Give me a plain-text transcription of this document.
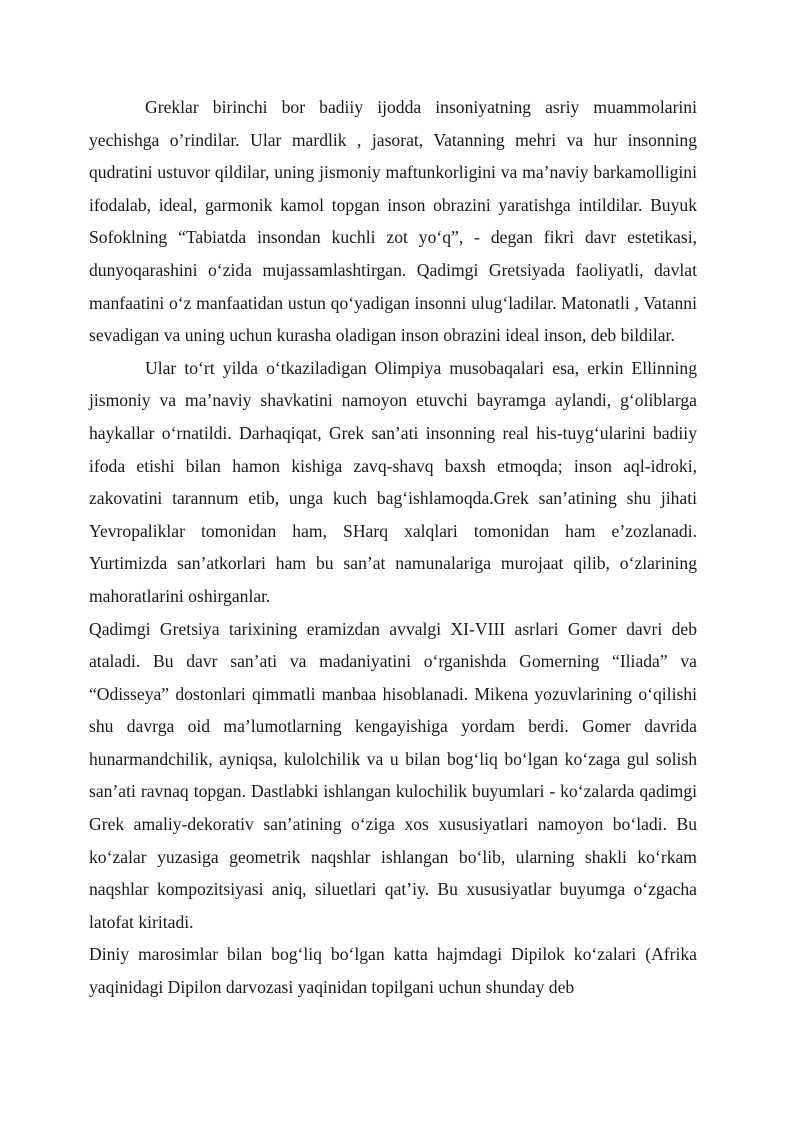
Greklar birinchi bor badiiy ijodda insoniyatning asriy muammolarini yechishga o’rindilar. Ular mardlik , jasorat, Vatanning mehri va hur insonning qudratini ustuvor qildilar, uning jismoniy maftunkorligini va ma’naviy barkamolligini ifodalab, ideal, garmonik kamol topgan inson obrazini yaratishga intildilar. Buyuk Sofoklning “Tabiatda insondan kuchli zot yo‘q”, - degan fikri davr estetikasi, dunyoqarashini o‘zida mujassamlashtirgan. Qadimgi Gretsiyada faoliyatli, davlat manfaatini o‘z manfaatidan ustun qo‘yadigan insonni ulug‘ladilar. Matonatli , Vatanni sevadigan va uning uchun kurasha oladigan inson obrazini ideal inson, deb bildilar.

Ular to‘rt yilda o‘tkaziladigan Olimpiya musobaqalari esa, erkin Ellinning jismoniy va ma’naviy shavkatini namoyon etuvchi bayramga aylandi, g‘oliblarga haykallar o‘rnatildi. Darhaqiqat, Grek san’ati insonning real his-tuyg‘ularini badiiy ifoda etishi bilan hamon kishiga zavq-shavq baxsh etmoqda; inson aql-idroki, zakovatini tarannum etib, unga kuch bag‘ishlamoqda.Grek san’atining shu jihati Yevropaliklar tomonidan ham, SHarq xalqlari tomonidan ham e’zozlanadi. Yurtimizda san’atkorlari ham bu san’at namunalariga murojaat qilib, o‘zlarining mahoratlarini oshirganlar.

Qadimgi Gretsiya tarixining eramizdan avvalgi XI-VIII asrlari Gomer davri deb ataladi. Bu davr san’ati va madaniyatini o‘rganishda Gomerning “Iliada” va “Odisseya” dostonlari qimmatli manbaa hisoblanadi. Mikena yozuvlarining o‘qilishi shu davrga oid ma’lumotlarning kengayishiga yordam berdi. Gomer davrida hunarmandchilik, ayniqsa, kulolchilik va u bilan bog‘liq bo‘lgan ko‘zaga gul solish san’ati ravnaq topgan. Dastlabki ishlangan kulochilik buyumlari - ko‘zalarda qadimgi Grek amaliy-dekorativ san’atining o‘ziga xos xususiyatlari namoyon bo‘ladi. Bu ko‘zalar yuzasiga geometrik naqshlar ishlangan bo‘lib, ularning shakli ko‘rkam naqshlar kompozitsiyasi aniq, siluetlari qat’iy. Bu xususiyatlar buyumga o‘zgacha latofat kiritadi.

Diniy marosimlar bilan bog‘liq bo‘lgan katta hajmdagi Dipilok ko‘zalari (Afrika yaqinidagi Dipilon darvozasi yaqinidan topilgani uchun shunday deb
